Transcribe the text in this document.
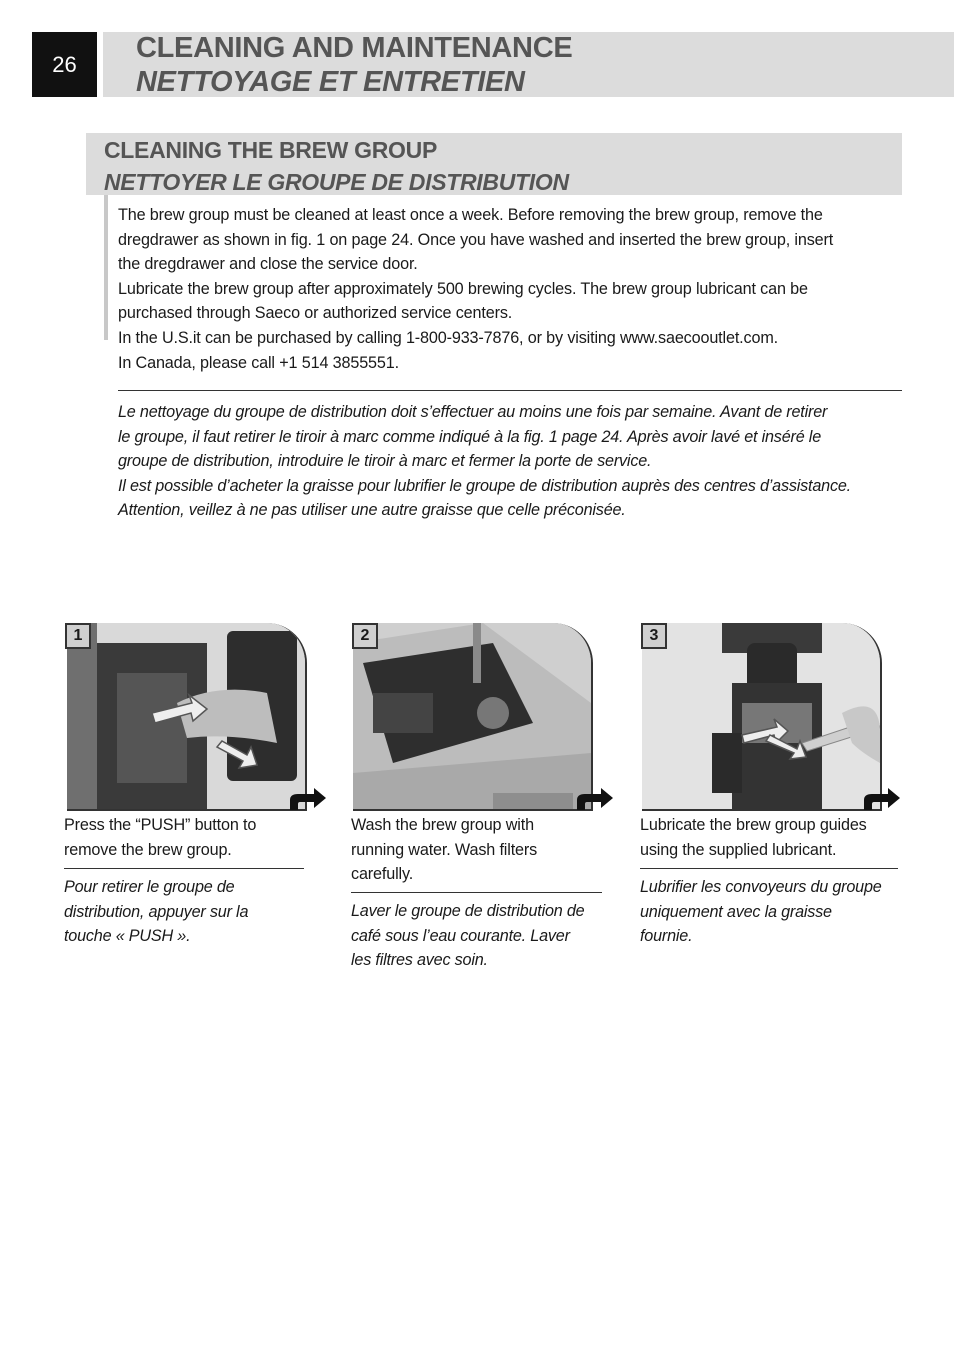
26	CLEANING AND MAINTENANCE
NETTOYAGE ET ENTRETIEN
CLEANING THE BREW GROUP
NETTOYER LE GROUPE DE DISTRIBUTION

The brew group must be cleaned at least once a week. Before removing the brew group, remove the

dregdrawer as shown in fig. 1 on page 24. Once you have washed and inserted the brew group, insert

the dregdrawer and close the service door.

Lubricate the brew group after approximately 500 brewing cycles. The brew group lubricant can be

purchased through Saeco or authorized service centers.

In the U.S.it can be purchased by calling 1-800-933-7876, or by visiting www.saecooutlet.com.

In Canada, please call +1 514 3855551.

Le nettoyage du groupe de distribution doit s’effectuer au moins une fois par semaine. Avant de retirer

le groupe, il faut retirer le tiroir à marc comme indiqué à la fig. 1 page 24. Après avoir lavé et inséré le

groupe de distribution, introduire le tiroir à marc et fermer la porte de service.

Il est possible d’acheter la graisse pour lubrifier le groupe de distribution auprès des centres d’assistance.

Attention, veillez à ne pas utiliser une autre graisse que celle préconisée.

1
Press the “PUSH” button to
remove the brew group.
Pour retirer le groupe de
distribution, appuyer sur la
touche « PUSH ».
2
Wash the brew group with
running water. Wash filters
carefully.
Laver le groupe de distribution de
café sous l’eau courante. Laver
les filtres avec soin.
3
Lubricate the brew group guides
using the supplied lubricant.
Lubrifier les convoyeurs du groupe
uniquement avec la graisse
fournie.
